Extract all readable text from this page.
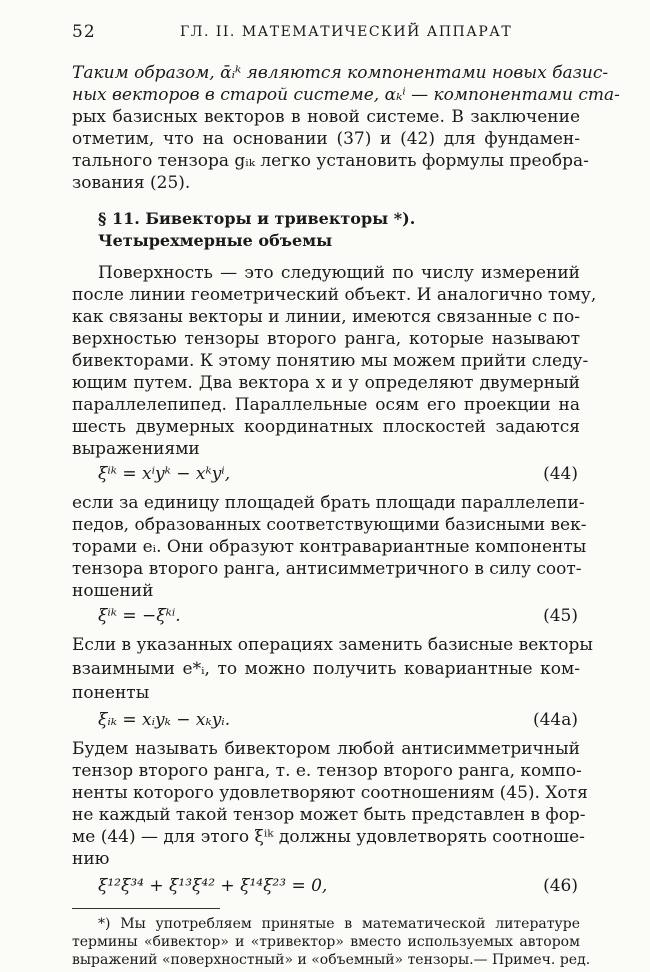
52	ГЛ. II. МАТЕМАТИЧЕСКИЙ АППАРАТ
Таким образом, ᾱᵢᵏ являются компонентами новых базис-
ных векторов в старой системе, αₖⁱ — компонентами ста-
рых базисных векторов в новой системе. В заключение
отметим, что на основании (37) и (42) для фундамен-
тального тензора gᵢₖ легко установить формулы преобра-
зования (25).
§ 11. Бивекторы и тривекторы *).
Четырехмерные объемы
Поверхность — это следующий по числу измерений
после линии геометрический объект. И аналогично тому,
как связаны векторы и линии, имеются связанные с по-
верхностью тензоры второго ранга, которые называют
бивекторами. К этому понятию мы можем прийти следу-
ющим путем. Два вектора x и y определяют двумерный
параллелепипед. Параллельные осям его проекции на
шесть двумерных координатных плоскостей задаются
выражениями
ξⁱᵏ = xⁱyᵏ − xᵏyⁱ,	(44)
если за единицу площадей брать площади параллелепи-
педов, образованных соответствующими базисными век-
торами eᵢ. Они образуют контравариантные компоненты
тензора второго ранга, антисимметричного в силу соот-
ношений
ξⁱᵏ = −ξᵏⁱ.	(45)
Если в указанных операциях заменить базисные векторы
взаимными e*ᵢ, то можно получить ковариантные ком-
поненты
ξᵢₖ = xᵢyₖ − xₖyᵢ.	(44a)
Будем называть бивектором любой антисимметричный
тензор второго ранга, т. е. тензор второго ранга, компо-
ненты которого удовлетворяют соотношениям (45). Хотя
не каждый такой тензор может быть представлен в фор-
ме (44) — для этого ξⁱᵏ должны удовлетворять соотноше-
нию
ξ¹²ξ³⁴ + ξ¹³ξ⁴² + ξ¹⁴ξ²³ = 0,	(46)
*) Мы употребляем принятые в математической литературе
термины «бивектор» и «тривектор» вместо используемых автором
выражений «поверхностный» и «объемный» тензоры.— Примеч. ред.
